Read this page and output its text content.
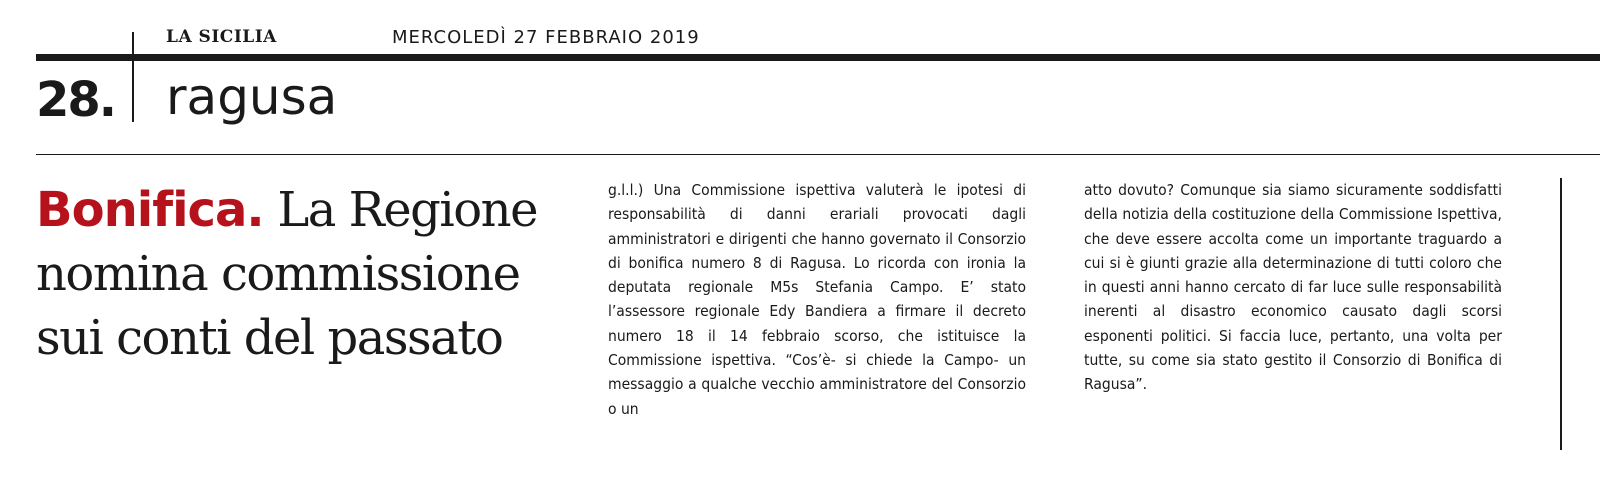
LA SICILIA	MERCOLEDÌ 27 FEBBRAIO 2019
28. ragusa
Bonifica. La Regione nomina commissione sui conti del passato

g.l.l.) Una Commissione ispettiva valuterà le ipotesi di responsabilità di danni erariali provocati dagli amministratori e dirigenti che hanno governato il Consorzio di bonifica numero 8 di Ragusa. Lo ricorda con ironia la deputata regionale M5s Stefania Campo. E’ stato l’assessore regionale Edy Bandiera a firmare il decreto numero 18 il 14 febbraio scorso, che istituisce la Commissione ispettiva. “Cos’è- si chiede la Campo- un messaggio a qualche vecchio amministratore del Consorzio o un

atto dovuto? Comunque sia siamo sicuramente soddisfatti della notizia della costituzione della Commissione Ispettiva, che deve essere accolta come un importante traguardo a cui si è giunti grazie alla determinazione di tutti coloro che in questi anni hanno cercato di far luce sulle responsabilità inerenti al disastro economico causato dagli scorsi esponenti politici. Si faccia luce, pertanto, una volta per tutte, su come sia stato gestito il Consorzio di Bonifica di Ragusa”.
